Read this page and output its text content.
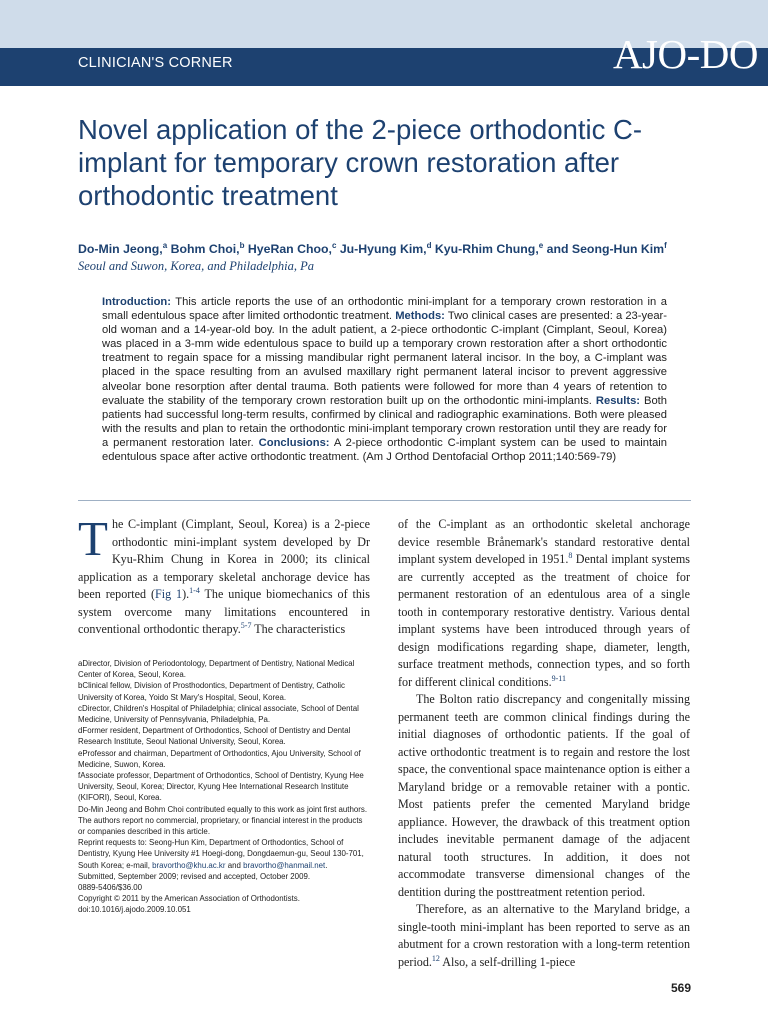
CLINICIAN'S CORNER	AJO-DO
Novel application of the 2-piece orthodontic C-implant for temporary crown restoration after orthodontic treatment
Do-Min Jeong,$^a$ Bohm Choi,$^b$ HyeRan Choo,$^c$ Ju-Hyung Kim,$^d$ Kyu-Rhim Chung,$^e$ and Seong-Hun Kim$^f$
Seoul and Suwon, Korea, and Philadelphia, Pa

Introduction: This article reports the use of an orthodontic mini-implant for a temporary crown restoration in a small edentulous space after limited orthodontic treatment. Methods: Two clinical cases are presented: a 23-year-old woman and a 14-year-old boy. In the adult patient, a 2-piece orthodontic C-implant (Cimplant, Seoul, Korea) was placed in a 3-mm wide edentulous space to build up a temporary crown restoration after a short orthodontic treatment to regain space for a missing mandibular right permanent lateral incisor. In the boy, a C-implant was placed in the space resulting from an avulsed maxillary right permanent lateral incisor to prevent aggressive alveolar bone resorption after dental trauma. Both patients were followed for more than 4 years of retention to evaluate the stability of the temporary crown restoration built up on the orthodontic mini-implants. Results: Both patients had successful long-term results, confirmed by clinical and radiographic examinations. Both were pleased with the results and plan to retain the orthodontic mini-implant temporary crown restoration until they are ready for a permanent restoration later. Conclusions: A 2-piece orthodontic C-implant system can be used to maintain edentulous space after active orthodontic treatment. (Am J Orthod Dentofacial Orthop 2011;140:569-79)

The C-implant (Cimplant, Seoul, Korea) is a 2-piece orthodontic mini-implant system developed by Dr Kyu-Rhim Chung in Korea in 2000; its clinical application as a temporary skeletal anchorage device has been reported (Fig 1).$^{1-4}$ The unique biomechanics of this system overcome many limitations encountered in conventional orthodontic therapy.$^{5-7}$ The characteristics

aDirector, Division of Periodontology, Department of Dentistry, National Medical Center of Korea, Seoul, Korea.

bClinical fellow, Division of Prosthodontics, Department of Dentistry, Catholic University of Korea, Yoido St Mary's Hospital, Seoul, Korea.

cDirector, Children's Hospital of Philadelphia; clinical associate, School of Dental Medicine, University of Pennsylvania, Philadelphia, Pa.

dFormer resident, Department of Orthodontics, School of Dentistry and Dental Research Institute, Seoul National University, Seoul, Korea.

eProfessor and chairman, Department of Orthodontics, Ajou University, School of Medicine, Suwon, Korea.

fAssociate professor, Department of Orthodontics, School of Dentistry, Kyung Hee University, Seoul, Korea; Director, Kyung Hee International Research Institute (KIFORI), Seoul, Korea.

Do-Min Jeong and Bohm Choi contributed equally to this work as joint first authors.

The authors report no commercial, proprietary, or financial interest in the products or companies described in this article.

Reprint requests to: Seong-Hun Kim, Department of Orthodontics, School of Dentistry, Kyung Hee University #1 Hoegi-dong, Dongdaemun-gu, Seoul 130-701, South Korea; e-mail, bravortho@khu.ac.kr and bravortho@hanmail.net.

Submitted, September 2009; revised and accepted, October 2009.

0889-5406/$36.00

Copyright © 2011 by the American Association of Orthodontists.

doi:10.1016/j.ajodo.2009.10.051

of the C-implant as an orthodontic skeletal anchorage device resemble Brånemark's standard restorative dental implant system developed in 1951.$^8$ Dental implant systems are currently accepted as the treatment of choice for permanent restoration of an edentulous area of a single tooth in contemporary restorative dentistry. Various dental implant systems have been introduced through years of design modifications regarding shape, diameter, length, surface treatment methods, connection types, and so forth for different clinical conditions.$^{9-11}$

The Bolton ratio discrepancy and congenitally missing permanent teeth are common clinical findings during the initial diagnoses of orthodontic patients. If the goal of active orthodontic treatment is to regain and restore the lost space, the conventional space maintenance option is either a Maryland bridge or a removable retainer with a pontic. Most patients prefer the cemented Maryland bridge appliance. However, the drawback of this treatment option includes inevitable permanent damage of the adjacent natural tooth structures. In addition, it does not accommodate transverse dimensional changes of the dentition during the posttreatment retention period.

Therefore, as an alternative to the Maryland bridge, a single-tooth mini-implant has been reported to serve as an abutment for a crown restoration with a long-term retention period.$^{12}$ Also, a self-drilling 1-piece

569
